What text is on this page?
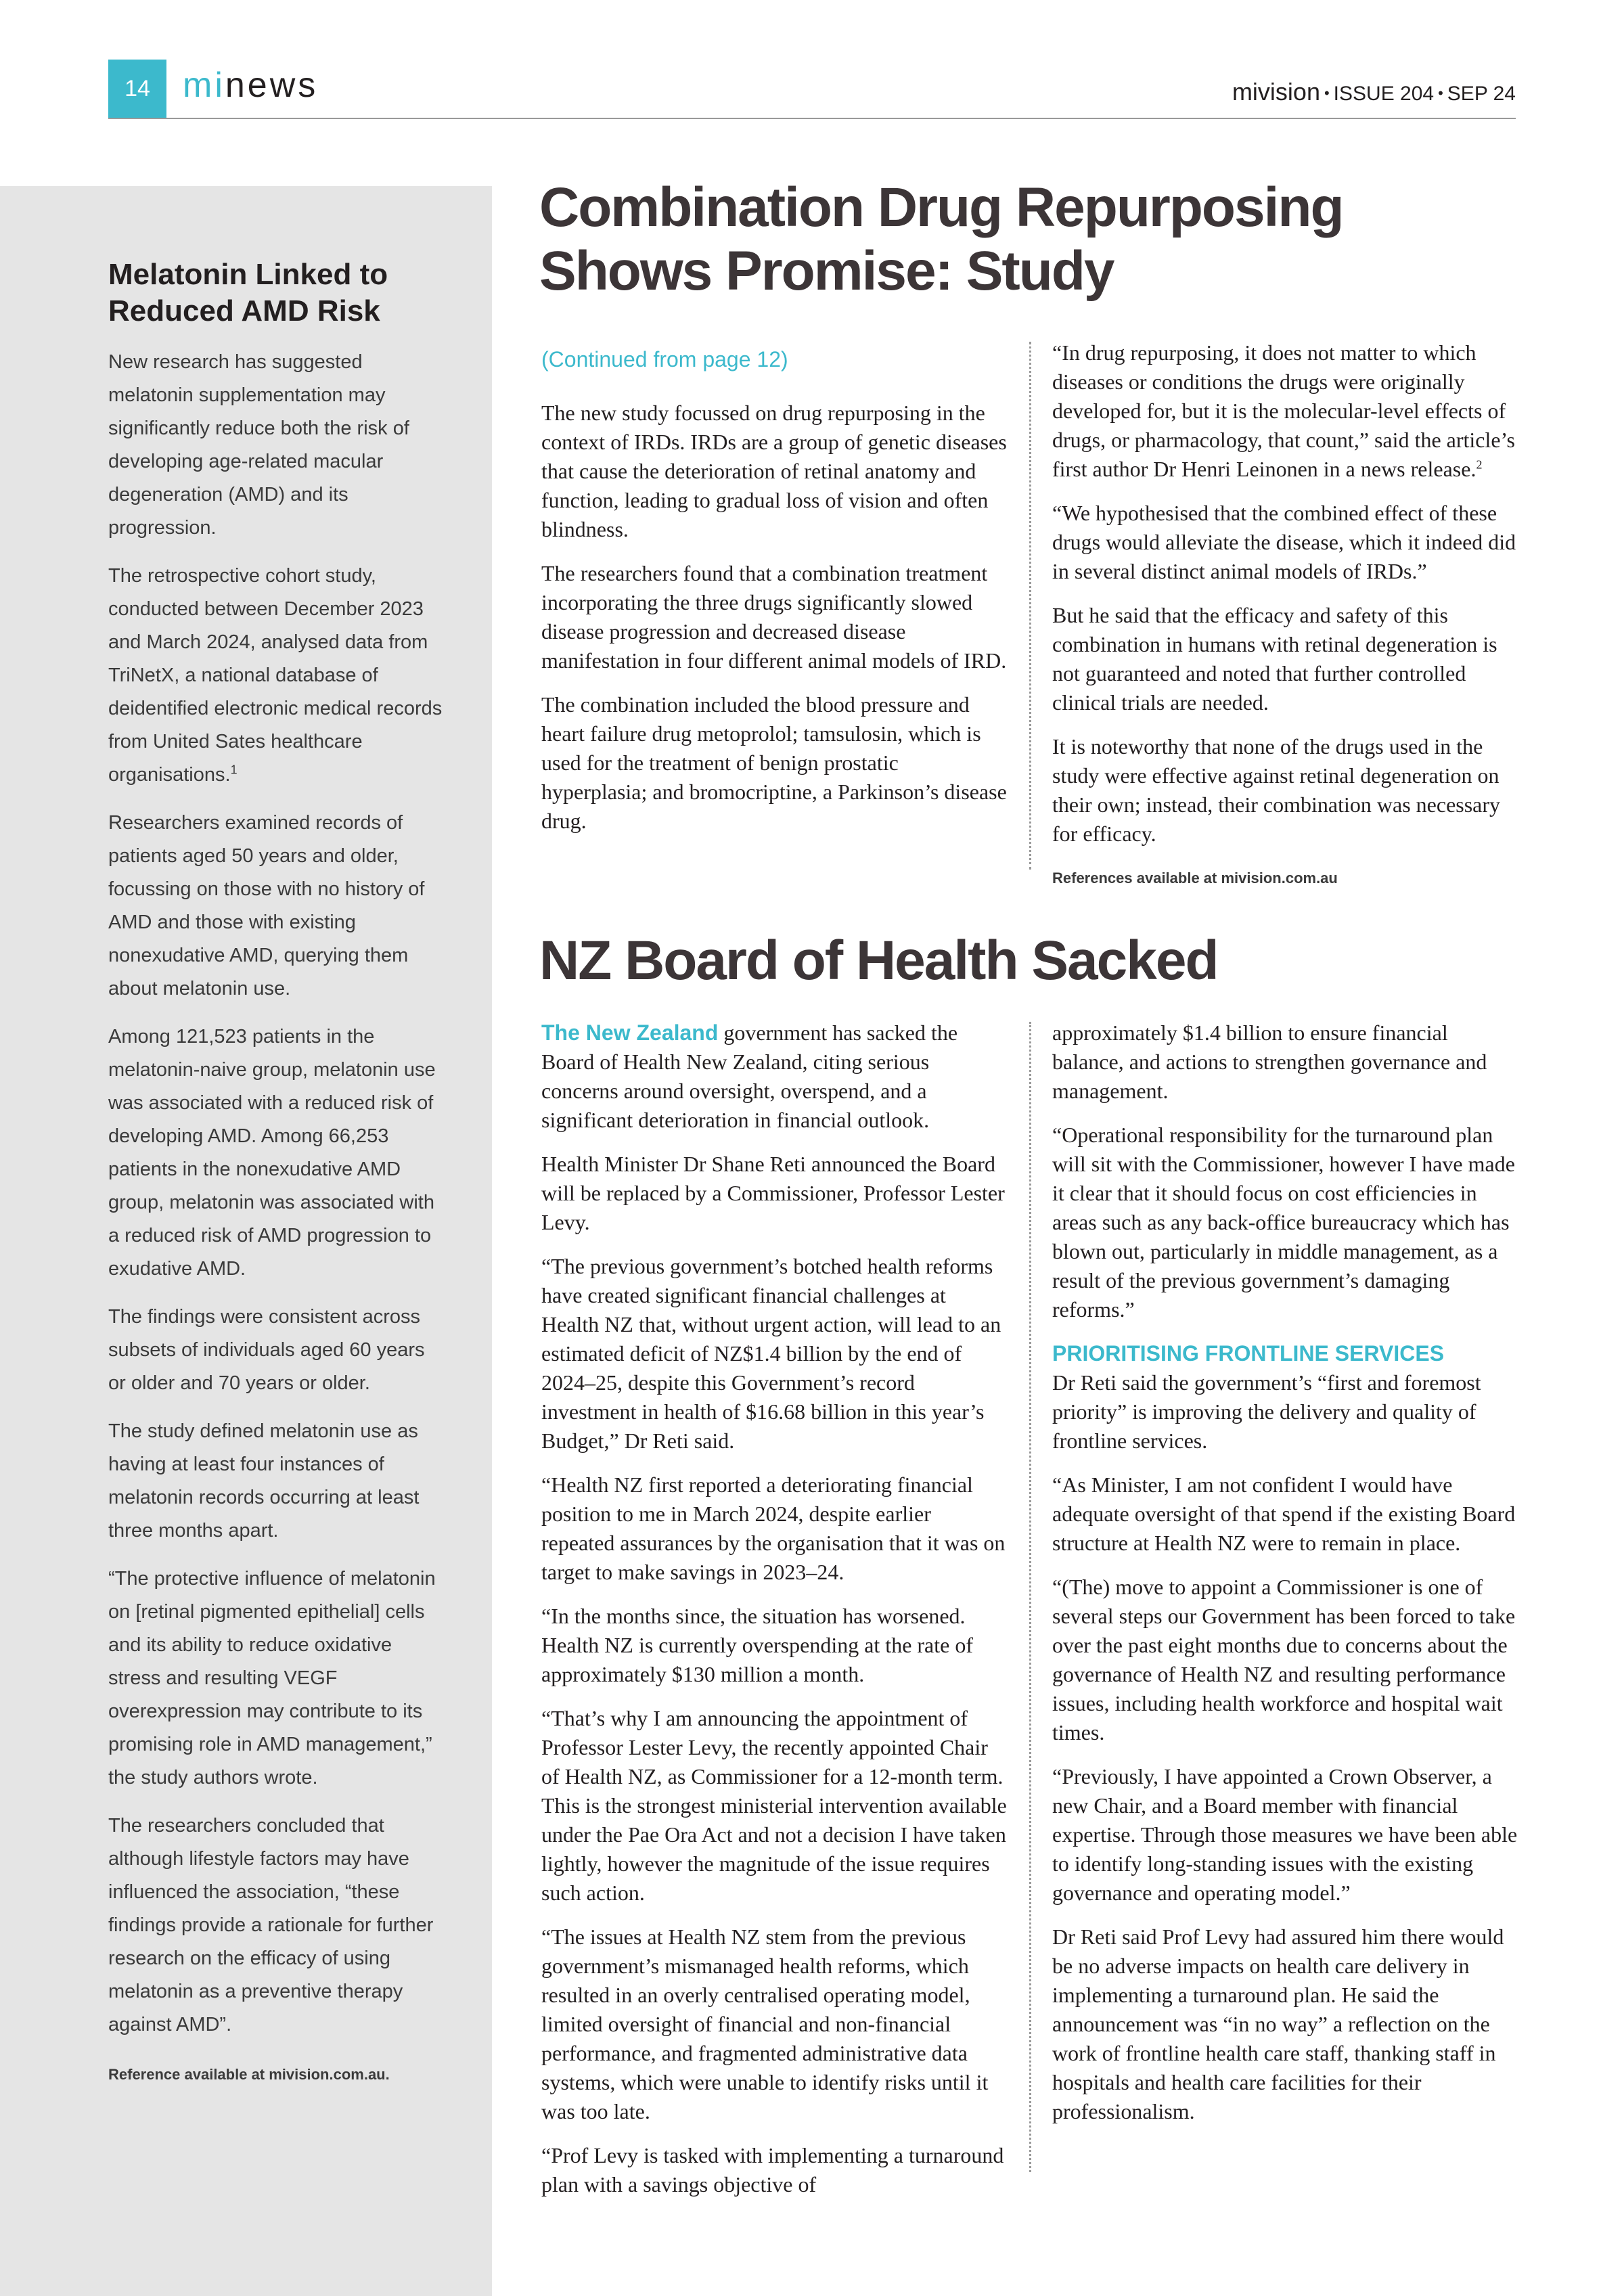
14 minews	mivision • ISSUE 204 • SEP 24
Melatonin Linked to Reduced AMD Risk

New research has suggested melatonin supplementation may significantly reduce both the risk of developing age-related macular degeneration (AMD) and its progression.

The retrospective cohort study, conducted between December 2023 and March 2024, analysed data from TriNetX, a national database of deidentified electronic medical records from United Sates healthcare organisations.$^1$

Researchers examined records of patients aged 50 years and older, focussing on those with no history of AMD and those with existing nonexudative AMD, querying them about melatonin use.

Among 121,523 patients in the melatonin-naive group, melatonin use was associated with a reduced risk of developing AMD. Among 66,253 patients in the nonexudative AMD group, melatonin was associated with a reduced risk of AMD progression to exudative AMD.

The findings were consistent across subsets of individuals aged 60 years or older and 70 years or older.

The study defined melatonin use as having at least four instances of melatonin records occurring at least three months apart.

“The protective influence of melatonin on [retinal pigmented epithelial] cells and its ability to reduce oxidative stress and resulting VEGF overexpression may contribute to its promising role in AMD management,” the study authors wrote.

The researchers concluded that although lifestyle factors may have influenced the association, “these findings provide a rationale for further research on the efficacy of using melatonin as a preventive therapy against AMD”.

Reference available at mivision.com.au.
Combination Drug Repurposing
Shows Promise: Study

(Continued from page 12)

The new study focussed on drug repurposing in the context of IRDs. IRDs are a group of genetic diseases that cause the deterioration of retinal anatomy and function, leading to gradual loss of vision and often blindness.

The researchers found that a combination treatment incorporating the three drugs significantly slowed disease progression and decreased disease manifestation in four different animal models of IRD.

The combination included the blood pressure and heart failure drug metoprolol; tamsulosin, which is used for the treatment of benign prostatic hyperplasia; and bromocriptine, a Parkinson’s disease drug.

“In drug repurposing, it does not matter to which diseases or conditions the drugs were originally developed for, but it is the molecular-level effects of drugs, or pharmacology, that count,” said the article’s first author Dr Henri Leinonen in a news release.$^2$

“We hypothesised that the combined effect of these drugs would alleviate the disease, which it indeed did in several distinct animal models of IRDs.”

But he said that the efficacy and safety of this combination in humans with retinal degeneration is not guaranteed and noted that further controlled clinical trials are needed.

It is noteworthy that none of the drugs used in the study were effective against retinal degeneration on their own; instead, their combination was necessary for efficacy.

References available at mivision.com.au
NZ Board of Health Sacked

The New Zealand government has sacked the Board of Health New Zealand, citing serious concerns around oversight, overspend, and a significant deterioration in financial outlook.

Health Minister Dr Shane Reti announced the Board will be replaced by a Commissioner, Professor Lester Levy.

“The previous government’s botched health reforms have created significant financial challenges at Health NZ that, without urgent action, will lead to an estimated deficit of NZ$1.4 billion by the end of 2024–25, despite this Government’s record investment in health of $16.68 billion in this year’s Budget,” Dr Reti said.

“Health NZ first reported a deteriorating financial position to me in March 2024, despite earlier repeated assurances by the organisation that it was on target to make savings in 2023–24.

“In the months since, the situation has worsened. Health NZ is currently overspending at the rate of approximately $130 million a month.

“That’s why I am announcing the appointment of Professor Lester Levy, the recently appointed Chair of Health NZ, as Commissioner for a 12-month term. This is the strongest ministerial intervention available under the Pae Ora Act and not a decision I have taken lightly, however the magnitude of the issue requires such action.

“The issues at Health NZ stem from the previous government’s mismanaged health reforms, which resulted in an overly centralised operating model, limited oversight of financial and non-financial performance, and fragmented administrative data systems, which were unable to identify risks until it was too late.

“Prof Levy is tasked with implementing a turnaround plan with a savings objective of

approximately $1.4 billion to ensure financial balance, and actions to strengthen governance and management.

“Operational responsibility for the turnaround plan will sit with the Commissioner, however I have made it clear that it should focus on cost efficiencies in areas such as any back-office bureaucracy which has blown out, particularly in middle management, as a result of the previous government’s damaging reforms.”

PRIORITISING FRONTLINE SERVICES

Dr Reti said the government’s “first and foremost priority” is improving the delivery and quality of frontline services.

“As Minister, I am not confident I would have adequate oversight of that spend if the existing Board structure at Health NZ were to remain in place.

“(The) move to appoint a Commissioner is one of several steps our Government has been forced to take over the past eight months due to concerns about the governance of Health NZ and resulting performance issues, including health workforce and hospital wait times.

“Previously, I have appointed a Crown Observer, a new Chair, and a Board member with financial expertise. Through those measures we have been able to identify long-standing issues with the existing governance and operating model.”

Dr Reti said Prof Levy had assured him there would be no adverse impacts on health care delivery in implementing a turnaround plan. He said the announcement was “in no way” a reflection on the work of frontline health care staff, thanking staff in hospitals and health care facilities for their professionalism.
